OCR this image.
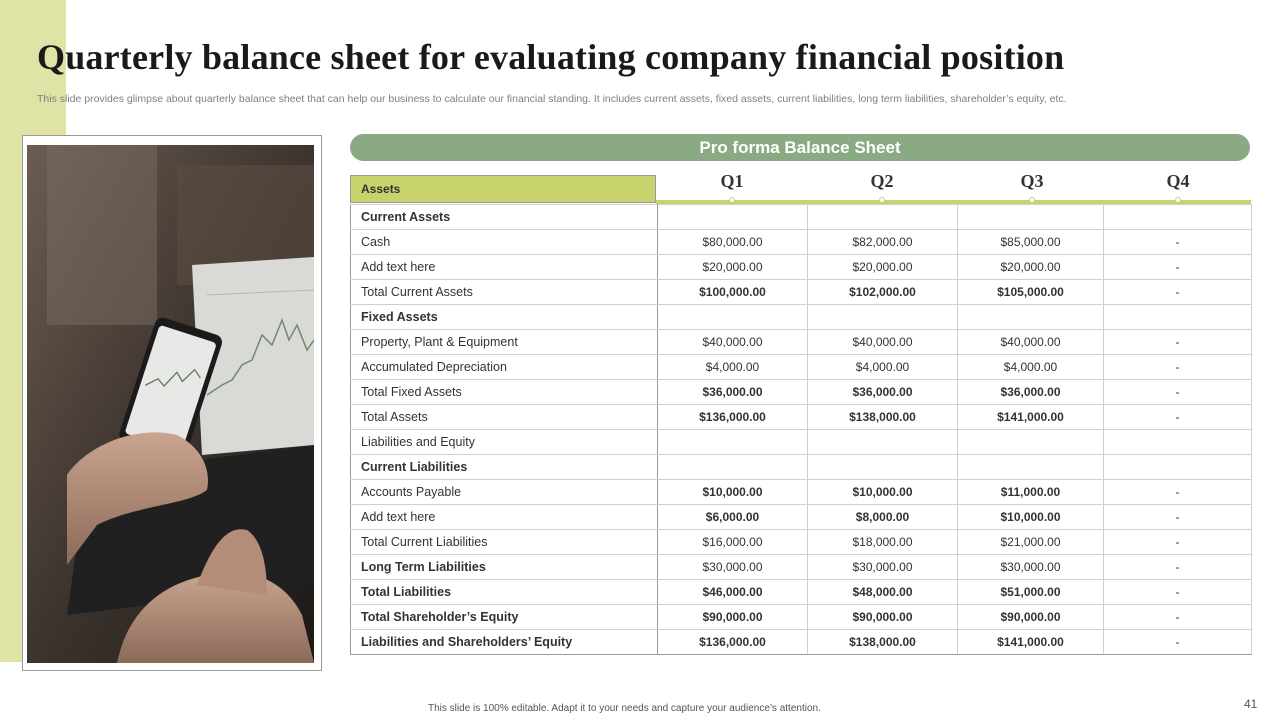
Quarterly balance sheet for evaluating company financial position
This slide provides glimpse about quarterly balance sheet that can help our business to calculate our financial standing. It includes current assets, fixed assets, current liabilities, long term liabilities, shareholder’s equity, etc.
Pro forma Balance Sheet
Assets	Q1	Q2	Q3	Q4
Current Assets				
Cash	$80,000.00	$82,000.00	$85,000.00	-
Add text here	$20,000.00	$20,000.00	$20,000.00	-
Total Current Assets	$100,000.00	$102,000.00	$105,000.00	-
Fixed Assets				
Property, Plant & Equipment	$40,000.00	$40,000.00	$40,000.00	-
Accumulated Depreciation	$4,000.00	$4,000.00	$4,000.00	-
Total Fixed Assets	$36,000.00	$36,000.00	$36,000.00	-
Total Assets	$136,000.00	$138,000.00	$141,000.00	-
Liabilities and Equity				
Current Liabilities				
Accounts Payable	$10,000.00	$10,000.00	$11,000.00	-
Add text here	$6,000.00	$8,000.00	$10,000.00	-
Total Current Liabilities	$16,000.00	$18,000.00	$21,000.00	-
Long Term Liabilities	$30,000.00	$30,000.00	$30,000.00	-
Total Liabilities	$46,000.00	$48,000.00	$51,000.00	-
Total Shareholder’s Equity	$90,000.00	$90,000.00	$90,000.00	-
Liabilities and Shareholders’ Equity	$136,000.00	$138,000.00	$141,000.00	-
This slide is 100% editable. Adapt it to your needs and capture your audience’s attention.	41
